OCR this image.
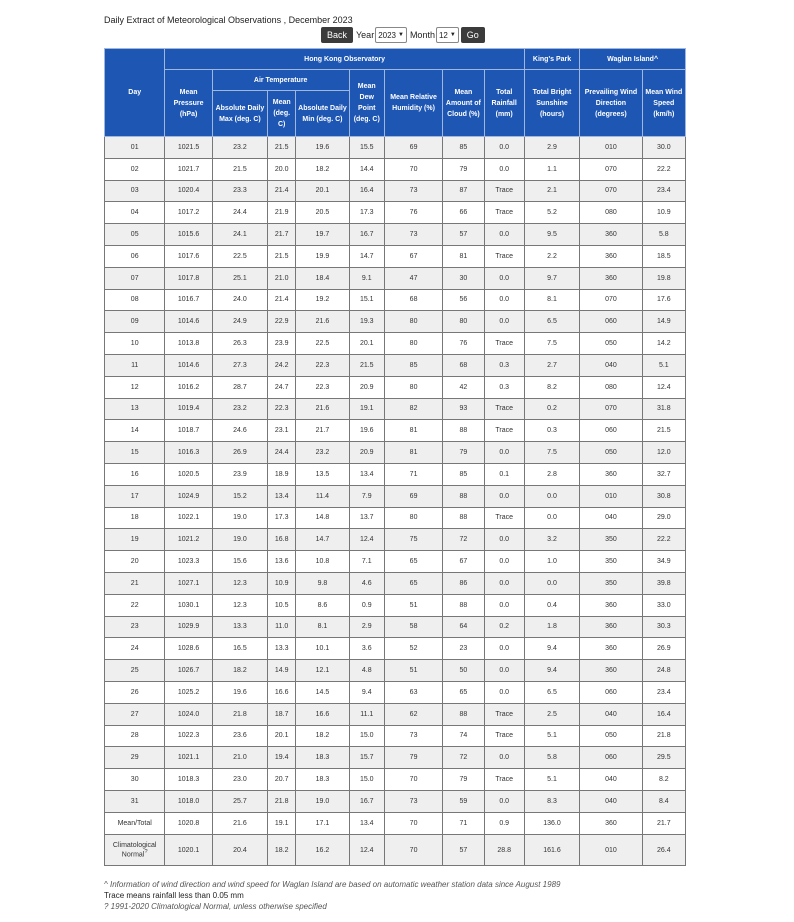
Daily Extract of Meteorological Observations , December 2023
Back	Year 2023 ▼ Month 12 ▼	Go
Day	Hong Kong Observatory								King's Park	Waglan Island^	
	Mean Pressure (hPa)	Air Temperature			Mean Dew Point (deg. C)	Mean Relative Humidity (%)	Mean Amount of Cloud (%)	Total Rainfall (mm)	Total Bright Sunshine (hours)	Prevailing Wind Direction (degrees)	Mean Wind Speed (km/h)
		Absolute Daily Max (deg. C)	Mean (deg. C)	Absolute Daily Min (deg. C)							
01	1021.5	23.2	21.5	19.6	15.5	69	85	0.0	2.9	010	30.0
02	1021.7	21.5	20.0	18.2	14.4	70	79	0.0	1.1	070	22.2
03	1020.4	23.3	21.4	20.1	16.4	73	87	Trace	2.1	070	23.4
04	1017.2	24.4	21.9	20.5	17.3	76	66	Trace	5.2	080	10.9
05	1015.6	24.1	21.7	19.7	16.7	73	57	0.0	9.5	360	5.8
06	1017.6	22.5	21.5	19.9	14.7	67	81	Trace	2.2	360	18.5
07	1017.8	25.1	21.0	18.4	9.1	47	30	0.0	9.7	360	19.8
08	1016.7	24.0	21.4	19.2	15.1	68	56	0.0	8.1	070	17.6
09	1014.6	24.9	22.9	21.6	19.3	80	80	0.0	6.5	060	14.9
10	1013.8	26.3	23.9	22.5	20.1	80	76	Trace	7.5	050	14.2
11	1014.6	27.3	24.2	22.3	21.5	85	68	0.3	2.7	040	5.1
12	1016.2	28.7	24.7	22.3	20.9	80	42	0.3	8.2	080	12.4
13	1019.4	23.2	22.3	21.6	19.1	82	93	Trace	0.2	070	31.8
14	1018.7	24.6	23.1	21.7	19.6	81	88	Trace	0.3	060	21.5
15	1016.3	26.9	24.4	23.2	20.9	81	79	0.0	7.5	050	12.0
16	1020.5	23.9	18.9	13.5	13.4	71	85	0.1	2.8	360	32.7
17	1024.9	15.2	13.4	11.4	7.9	69	88	0.0	0.0	010	30.8
18	1022.1	19.0	17.3	14.8	13.7	80	88	Trace	0.0	040	29.0
19	1021.2	19.0	16.8	14.7	12.4	75	72	0.0	3.2	350	22.2
20	1023.3	15.6	13.6	10.8	7.1	65	67	0.0	1.0	350	34.9
21	1027.1	12.3	10.9	9.8	4.6	65	86	0.0	0.0	350	39.8
22	1030.1	12.3	10.5	8.6	0.9	51	88	0.0	0.4	360	33.0
23	1029.9	13.3	11.0	8.1	2.9	58	64	0.2	1.8	360	30.3
24	1028.6	16.5	13.3	10.1	3.6	52	23	0.0	9.4	360	26.9
25	1026.7	18.2	14.9	12.1	4.8	51	50	0.0	9.4	360	24.8
26	1025.2	19.6	16.6	14.5	9.4	63	65	0.0	6.5	060	23.4
27	1024.0	21.8	18.7	16.6	11.1	62	88	Trace	2.5	040	16.4
28	1022.3	23.6	20.1	18.2	15.0	73	74	Trace	5.1	050	21.8
29	1021.1	21.0	19.4	18.3	15.7	79	72	0.0	5.8	060	29.5
30	1018.3	23.0	20.7	18.3	15.0	70	79	Trace	5.1	040	8.2
31	1018.0	25.7	21.8	19.0	16.7	73	59	0.0	8.3	040	8.4
Mean/Total	1020.8	21.6	19.1	17.1	13.4	70	71	0.9	136.0	360	21.7
Climatological Normal?	1020.1	20.4	18.2	16.2	12.4	70	57	28.8	161.6	010	26.4
^ Information of wind direction and wind speed for Waglan Island are based on automatic weather station data since August 1989
Trace means rainfall less than 0.05 mm
? 1991-2020 Climatological Normal, unless otherwise specified
